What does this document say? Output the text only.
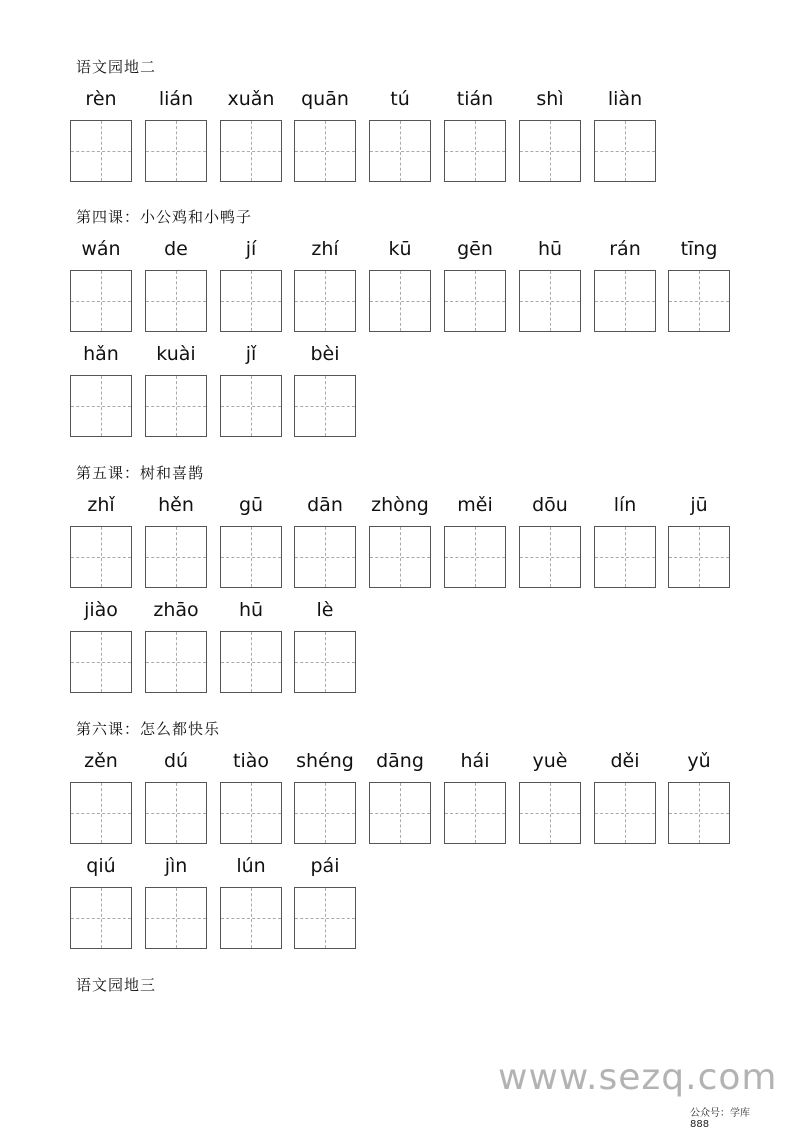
语文园地二
rèn	lián	xuǎn	quān	tú	tián	shì	liàn
第四课：小公鸡和小鸭子
wán	de	jí	zhí	kū	gēn	hū	rán	tīng
hǎn	kuài	jǐ	bèi
第五课：树和喜鹊
zhǐ	hěn	gū	dān	zhòng	měi	dōu	lín	jū
jiào	zhāo	hū	lè
第六课：怎么都快乐
zěn	dú	tiào	shéng	dāng	hái	yuè	děi	yǔ
qiú	jìn	lún	pái
语文园地三
www.sezq.com
公众号：学库
888
